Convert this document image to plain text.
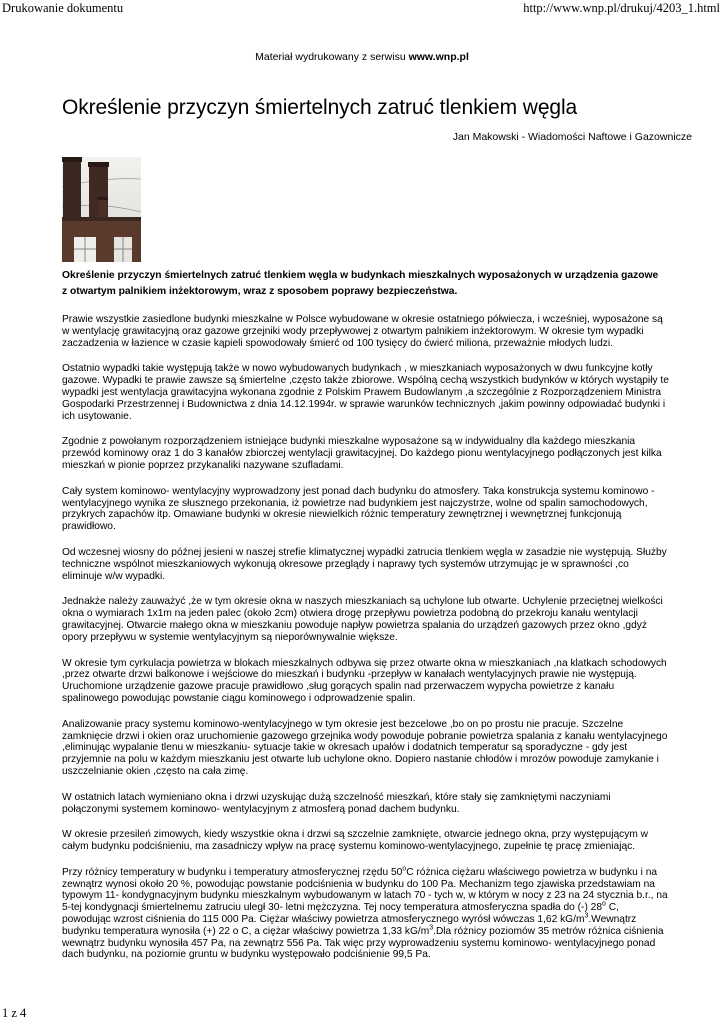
Drukowanie dokumentu	http://www.wnp.pl/drukuj/4203_1.html
Materiał wydrukowany z serwisu www.wnp.pl
Określenie przyczyn śmiertelnych zatruć tlenkiem węgla
Jan Makowski - Wiadomości Naftowe i Gazownicze

Określenie przyczyn śmiertelnych zatruć tlenkiem węgla w budynkach mieszkalnych wyposażonych w urządzenia gazowe z otwartym palnikiem inżektorowym, wraz z sposobem poprawy bezpieczeństwa.

Prawie wszystkie zasiedlone budynki mieszkalne w Polsce wybudowane w okresie ostatniego półwiecza, i wcześniej, wyposażone są w wentylację grawitacyjną oraz gazowe grzejniki wody przepływowej z otwartym palnikiem inżektorowym. W okresie tym wypadki zaczadzenia w łazience w czasie kąpieli spowodowały śmierć od 100 tysięcy do ćwierć miliona, przeważnie młodych ludzi.

Ostatnio wypadki takie występują także w nowo wybudowanych budynkach , w mieszkaniach wyposażonych w dwu funkcyjne kotły gazowe. Wypadki te prawie zawsze są śmiertelne ,często także zbiorowe. Wspólną cechą wszystkich budynków w których wystąpiły te wypadki jest wentylacja grawitacyjna wykonana zgodnie z Polskim Prawem Budowlanym ,a szczególnie z Rozporządzeniem Ministra Gospodarki Przestrzennej i Budownictwa z dnia 14.12.1994r. w sprawie warunków technicznych ,jakim powinny odpowiadać budynki i ich usytowanie.

Zgodnie z powołanym rozporządzeniem istniejące budynki mieszkalne wyposażone są w indywidualny dla każdego mieszkania przewód kominowy oraz 1 do 3 kanałów zbiorczej wentylacji grawitacyjnej. Do każdego pionu wentylacyjnego podłączonych jest kilka mieszkań w pionie poprzez przykanaliki nazywane szufladami.

Cały system kominowo- wentylacyjny wyprowadzony jest ponad dach budynku do atmosfery. Taka konstrukcja systemu kominowo - wentylacyjnego wynika ze słusznego przekonania, iż powietrze nad budynkiem jest najczystrze, wolne od spalin samochodowych, przykrych zapachów itp. Omawiane budynki w okresie niewielkich różnic temperatury zewnętrznej i wewnętrznej funkcjonują prawidłowo.

Od wczesnej wiosny do późnej jesieni w naszej strefie klimatycznej wypadki zatrucia tlenkiem węgla w zasadzie nie występują. Służby techniczne wspólnot mieszkaniowych wykonują okresowe przeglądy i naprawy tych systemów utrzymując je w sprawności ,co eliminuje w/w wypadki.

Jednakże należy zauważyć ,że w tym okresie okna w naszych mieszkaniach są uchylone lub otwarte. Uchylenie przeciętnej wielkości okna o wymiarach 1x1m na jeden palec (około 2cm) otwiera drogę przepływu powietrza podobną do przekroju kanału wentylacji grawitacyjnej. Otwarcie małego okna w mieszkaniu powoduje napływ powietrza spalania do urządzeń gazowych przez okno ,gdyż opory przepływu w systemie wentylacyjnym są nieporównywalnie większe.

W okresie tym cyrkulacja powietrza w blokach mieszkalnych odbywa się przez otwarte okna w mieszkaniach ,na klatkach schodowych ,przez otwarte drzwi balkonowe i wejściowe do mieszkań i budynku -przepływ w kanałach wentylacyjnych prawie nie występują. Uruchomione urządzenie gazowe pracuje prawidłowo ,sług gorących spalin nad przerwaczem wypycha powietrze z kanału spalinowego powodując powstanie ciągu kominowego i odprowadzenie spalin.

Analizowanie pracy systemu kominowo-wentylacyjnego w tym okresie jest bezcelowe ,bo on po prostu nie pracuje. Szczelne zamknięcie drzwi i okien oraz uruchomienie gazowego grzejnika wody powoduje pobranie powietrza spalania z kanału wentylacyjnego ,eliminując wypalanie tlenu w mieszkaniu- sytuacje takie w okresach upałów i dodatnich temperatur są sporadyczne - gdy jest przyjemnie na polu w każdym mieszkaniu jest otwarte lub uchylone okno. Dopiero nastanie chłodów i mrozów powoduje zamykanie i uszczelnianie okien ,często na cała zimę.

W ostatnich latach wymieniano okna i drzwi uzyskując dużą szczelność mieszkań, które stały się zamkniętymi naczyniami połączonymi systemem kominowo- wentylacyjnym z atmosferą ponad dachem budynku.

W okresie przesileń zimowych, kiedy wszystkie okna i drzwi są szczelnie zamknięte, otwarcie jednego okna, przy występującym w całym budynku podciśnieniu, ma zasadniczy wpływ na pracę systemu kominowo-wentylacyjnego, zupełnie tę pracę zmieniając.

Przy różnicy temperatury w budynku i temperatury atmosferycznej rzędu 50$^o$C różnica ciężaru właściwego powietrza w budynku i na zewnątrz wynosi około 20 %, powodując powstanie podciśnienia w budynku do 100 Pa. Mechanizm tego zjawiska przedstawiam na typowym 11- kondygnacyjnym budynku mieszkalnym wybudowanym w latach 70 - tych w, w którym w nocy z 23 na 24 stycznia b.r., na 5-tej kondygnacji śmiertelnemu zatruciu uległ 30- letni mężczyzna. Tej nocy temperatura atmosferyczna spadła do (-) 28$^o$ C, powodując wzrost ciśnienia do 115 000 Pa. Ciężar właściwy powietrza atmosferycznego wyrósł wówczas 1,62 $kG/m^3.Wewnątrz$ budynku temperatura wynosiła (+) 22 o C, a ciężar właściwy powietrza 1,33 $kG/m^3.Dla$ różnicy poziomów 35 metrów różnica ciśnienia wewnątrz budynku wynosiła 457 Pa, na zewnątrz 556 Pa. Tak więc przy wyprowadzeniu systemu kominowo- wentylacyjnego ponad dach budynku, na poziomie gruntu w budynku występowało podciśnienie 99,5 Pa.

1 z 4
